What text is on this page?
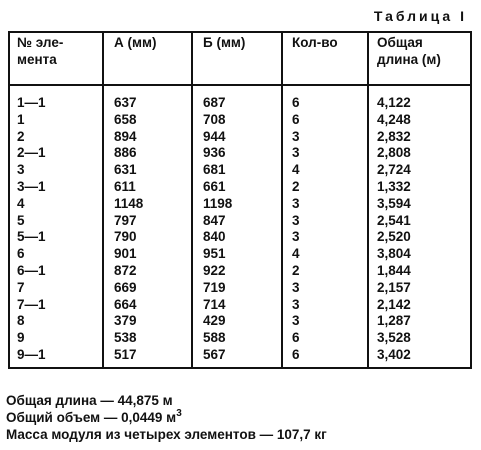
Таблица I
№ эле-
мента	А (мм)	Б (мм)	Кол-во	Общая
длина (м)

1—1	637	687	6	4,122
1	658	708	6	4,248
2	894	944	3	2,832
2—1	886	936	3	2,808
3	631	681	4	2,724
3—1	611	661	2	1,332
4	1148	1198	3	3,594
5	797	847	3	2,541
5—1	790	840	3	2,520
6	901	951	4	3,804
6—1	872	922	2	1,844
7	669	719	3	2,157
7—1	664	714	3	2,142
8	379	429	3	1,287
9	538	588	6	3,528
9—1	517	567	6	3,402
Общая длина — 44,875 м
Общий объем — 0,0449 $м^3$
Масса модуля из четырех элементов — 107,7 кг
